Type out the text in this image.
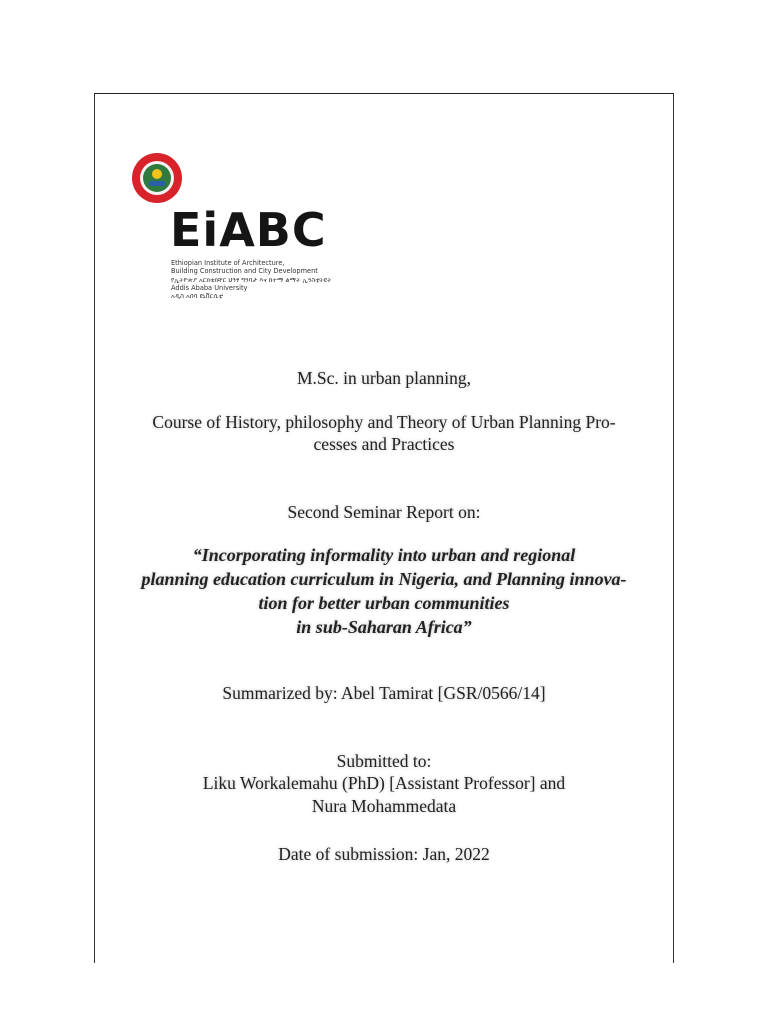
EiABC
Ethiopian Institute of Architecture,
Building Construction and City Development
የኢትዮጵያ አርክቴክቸር ህንፃ ግንባታ እና ከተማ ልማት ኢንስቲትዩት
Addis Ababa University
አዲስ አበባ ዩኒቨርሲቲ
M.Sc. in urban planning,
Course of History, philosophy and Theory of Urban Planning Pro-
cesses and Practices
Second Seminar Report on:
“Incorporating informality into urban and regional
planning education curriculum in Nigeria, and Planning innova-
tion for better urban communities
in sub-Saharan Africa”
Summarized by: Abel Tamirat [GSR/0566/14]
Submitted to:
Liku Workalemahu (PhD) [Assistant Professor] and
Nura Mohammedata
Date of submission: Jan, 2022
